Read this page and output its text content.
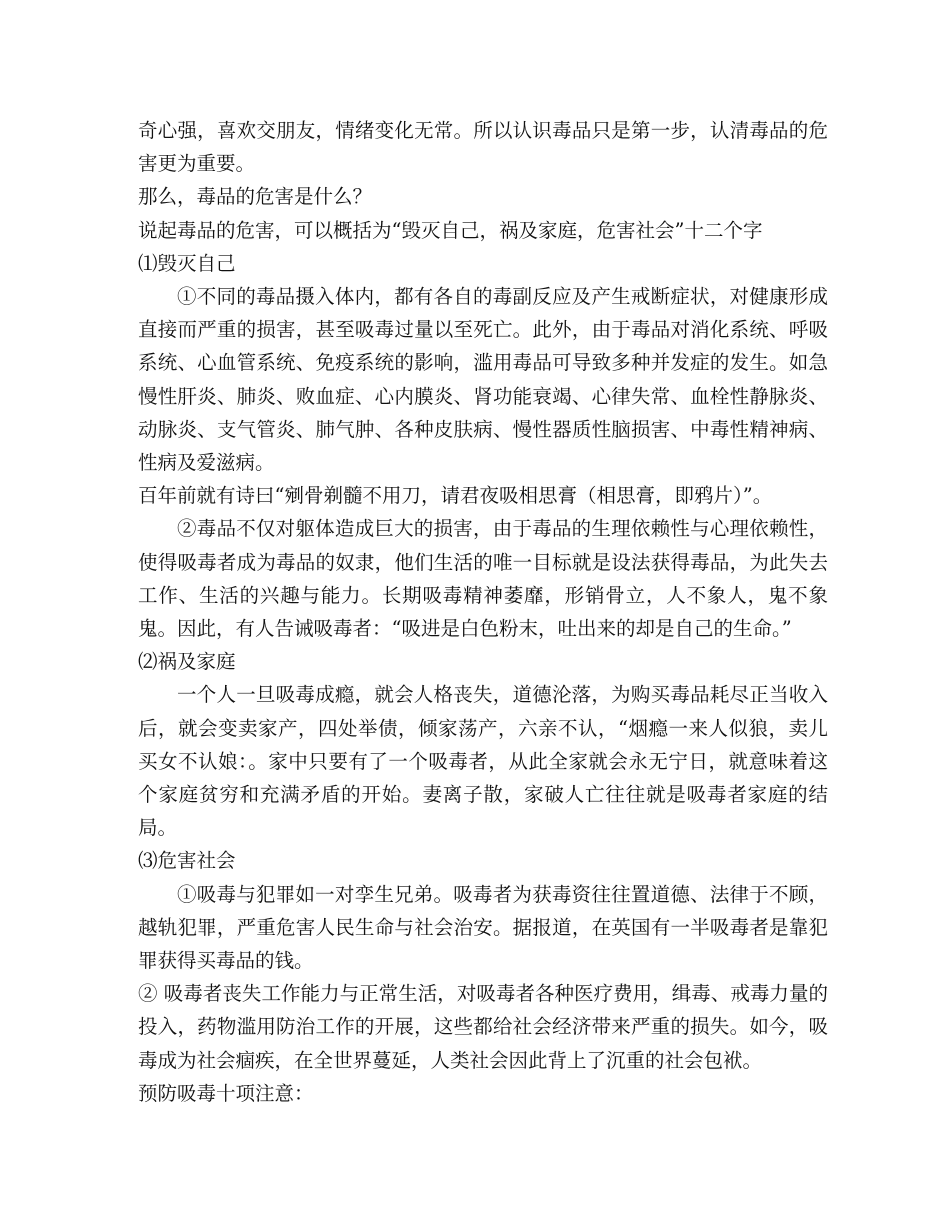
奇心强，喜欢交朋友，情绪变化无常。所以认识毒品只是第一步，认清毒品的危害更为重要。

那么，毒品的危害是什么？

说起毒品的危害，可以概括为“毁灭自己，祸及家庭，危害社会”十二个字

⑴毁灭自己

①不同的毒品摄入体内，都有各自的毒副反应及产生戒断症状，对健康形成直接而严重的损害，甚至吸毒过量以至死亡。此外，由于毒品对消化系统、呼吸系统、心血管系统、免疫系统的影响，滥用毒品可导致多种并发症的发生。如急慢性肝炎、肺炎、败血症、心内膜炎、肾功能衰竭、心律失常、血栓性静脉炎、动脉炎、支气管炎、肺气肿、各种皮肤病、慢性器质性脑损害、中毒性精神病、性病及爱滋病。

百年前就有诗曰“剜骨剃髓不用刀，请君夜吸相思膏（相思膏，即鸦片）”。

②毒品不仅对躯体造成巨大的损害，由于毒品的生理依赖性与心理依赖性，使得吸毒者成为毒品的奴隶，他们生活的唯一目标就是设法获得毒品，为此失去工作、生活的兴趣与能力。长期吸毒精神萎靡，形销骨立，人不象人，鬼不象鬼。因此，有人告诫吸毒者：“吸进是白色粉末，吐出来的却是自己的生命。”

⑵祸及家庭

一个人一旦吸毒成瘾，就会人格丧失，道德沦落，为购买毒品耗尽正当收入后，就会变卖家产，四处举债，倾家荡产，六亲不认，“烟瘾一来人似狼，卖儿买女不认娘：。家中只要有了一个吸毒者，从此全家就会永无宁日，就意味着这个家庭贫穷和充满矛盾的开始。妻离子散，家破人亡往往就是吸毒者家庭的结局。

⑶危害社会

①吸毒与犯罪如一对孪生兄弟。吸毒者为获毒资往往置道德、法律于不顾，越轨犯罪，严重危害人民生命与社会治安。据报道，在英国有一半吸毒者是靠犯罪获得买毒品的钱。

② 吸毒者丧失工作能力与正常生活，对吸毒者各种医疗费用，缉毒、戒毒力量的投入，药物滥用防治工作的开展，这些都给社会经济带来严重的损失。如今，吸毒成为社会痼疾，在全世界蔓延，人类社会因此背上了沉重的社会包袱。

预防吸毒十项注意：
